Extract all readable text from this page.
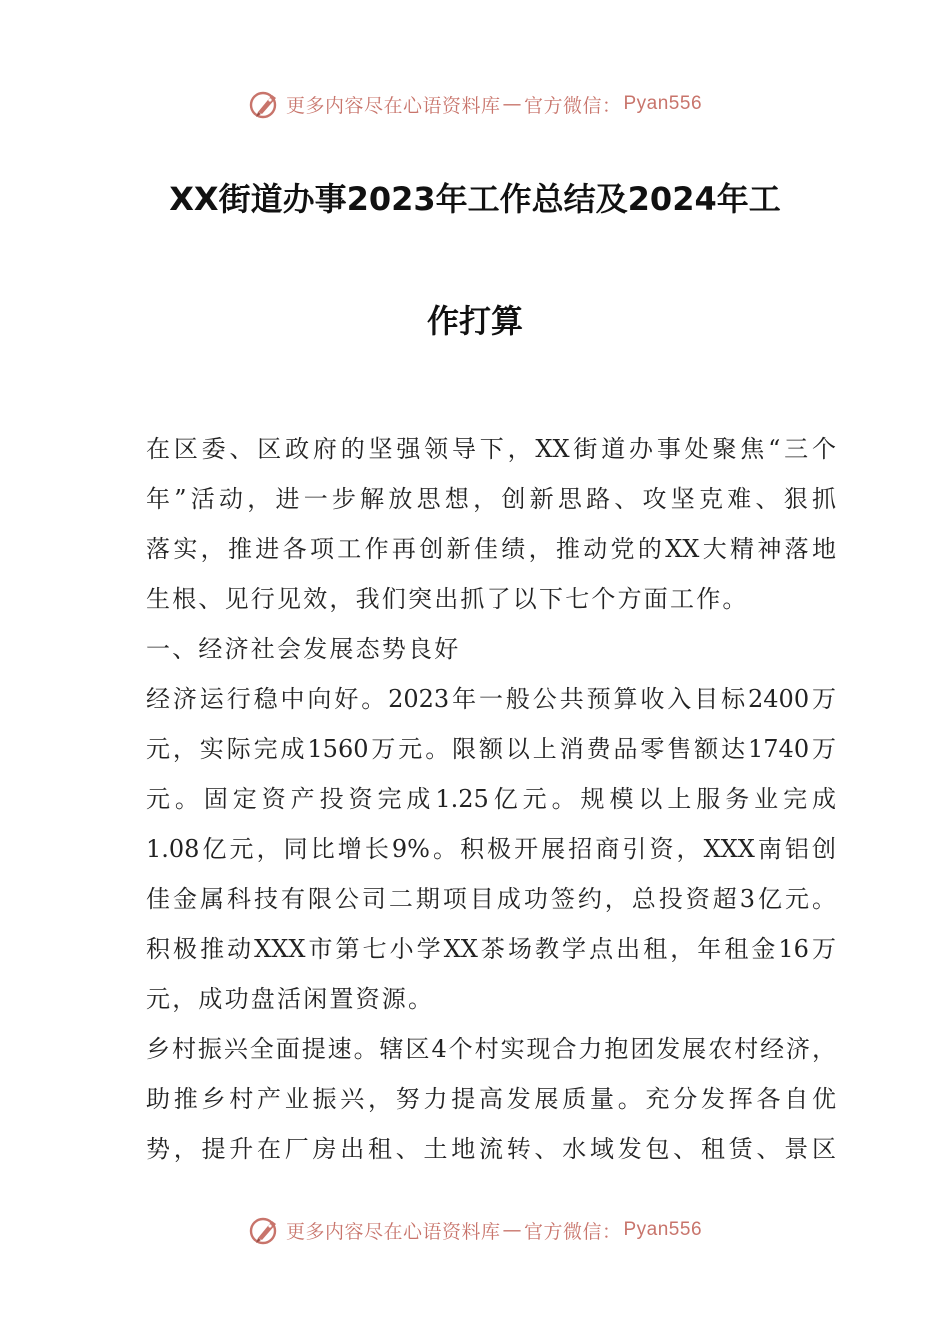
更多内容尽在心语资料库 — 官方微信： Pyan556
XX街道办事2023年工作总结及2024年工
作打算
在区委、区政府的坚强领导下，XX街道办事处聚焦“三个
年”活动，进一步解放思想，创新思路、攻坚克难、狠抓
落实，推进各项工作再创新佳绩，推动党的XX大精神落地
生根、见行见效，我们突出抓了以下七个方面工作。
一、经济社会发展态势良好
经济运行稳中向好。2023年一般公共预算收入目标2400万
元，实际完成1560万元。限额以上消费品零售额达1740万
元。固定资产投资完成1.25亿元。规模以上服务业完成
1.08亿元，同比增长9%。积极开展招商引资，XXX南铝创
佳金属科技有限公司二期项目成功签约，总投资超3亿元。
积极推动XXX市第七小学XX茶场教学点出租，年租金16万
元，成功盘活闲置资源。
乡村振兴全面提速。辖区4个村实现合力抱团发展农村经济，
助推乡村产业振兴，努力提高发展质量。充分发挥各自优
势，提升在厂房出租、土地流转、水域发包、租赁、景区
更多内容尽在心语资料库 — 官方微信： Pyan556
